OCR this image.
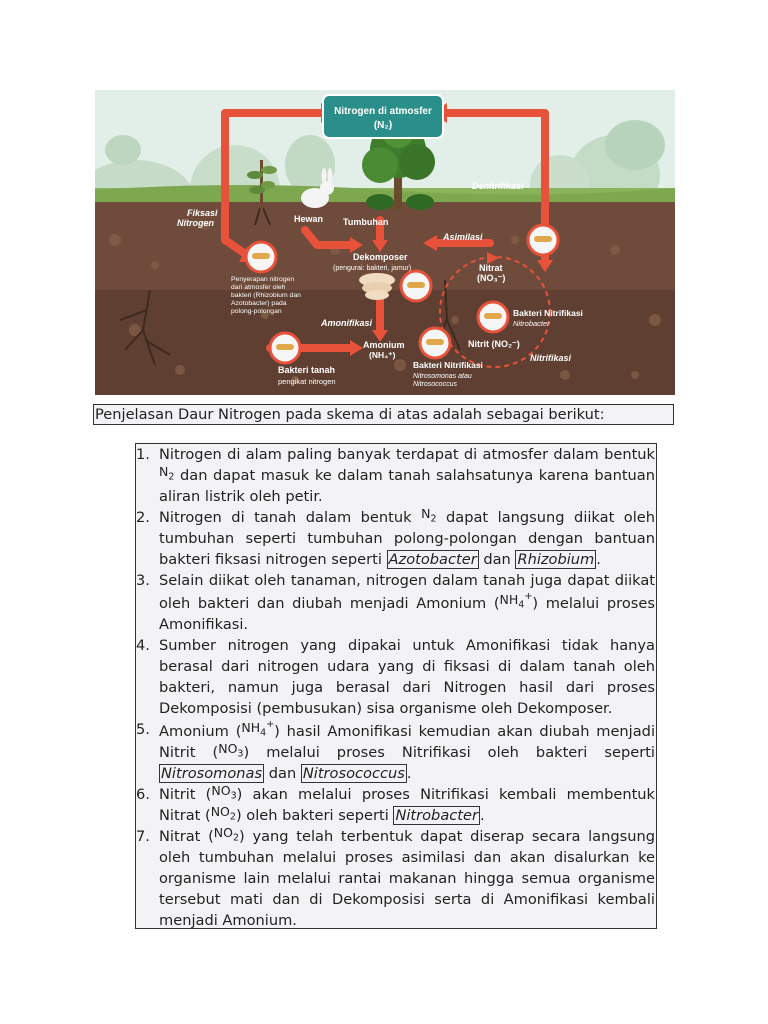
Nitrogen di atmosfer
(N₂)
Fiksasi
Nitrogen	Hewan Tumbuhan
Denitrifikasi
Asimilasi
Dekomposer
(pengurai: bakteri, jamur)
Penyerapan nitrogen
dari atmosfer oleh
bakteri (Rhizobium dan
Azotobacter) pada
polong-polongan
Nitrat
(NO₃⁻)
Bakteri Nitrifikasi
Nitrobacter
Amonifikasi
Amonium
(NH₄⁺)
Nitrit (NO₂⁻)
Nitrifikasi
Bakteri tanah
pengikat nitrogen
Bakteri Nitrifikasi
Nitrosomonas atau
Nitrosococcus
Penjelasan Daur Nitrogen pada skema di atas adalah sebagai berikut:
1. Nitrogen di alam paling banyak terdapat di atmosfer dalam bentuk $N_2$ dan dapat masuk ke dalam tanah salahsatunya karena bantuan aliran listrik oleh petir.
2. Nitrogen di tanah dalam bentuk $N_2$ dapat langsung diikat oleh tumbuhan seperti tumbuhan polong-polongan dengan bantuan bakteri fiksasi nitrogen seperti Azotobacter dan Rhizobium .
3. Selain diikat oleh tanaman, nitrogen dalam tanah juga dapat diikat oleh bakteri dan diubah menjadi Amonium $(NH_4^+)$ melalui proses Amonifikasi.
4. Sumber nitrogen yang dipakai untuk Amonifikasi tidak hanya berasal dari nitrogen udara yang di fiksasi di dalam tanah oleh bakteri, namun juga berasal dari Nitrogen hasil dari proses Dekomposisi (pembusukan) sisa organisme oleh Dekomposer.
5. Amonium $(NH_4^+)$ hasil Amonifikasi kemudian akan diubah menjadi Nitrit $(NO_3)$ melalui proses Nitrifikasi oleh bakteri seperti Nitrosomonas dan Nitrosococcus .
6. Nitrit $(NO_3)$ akan melalui proses Nitrifikasi kembali membentuk Nitrat $(NO_2)$ oleh bakteri seperti Nitrobacter .
7. Nitrat $(NO_2)$ yang telah terbentuk dapat diserap secara langsung oleh tumbuhan melalui proses asimilasi dan akan disalurkan ke organisme lain melalui rantai makanan hingga semua organisme tersebut mati dan di Dekomposisi serta di Amonifikasi kembali menjadi Amonium.
